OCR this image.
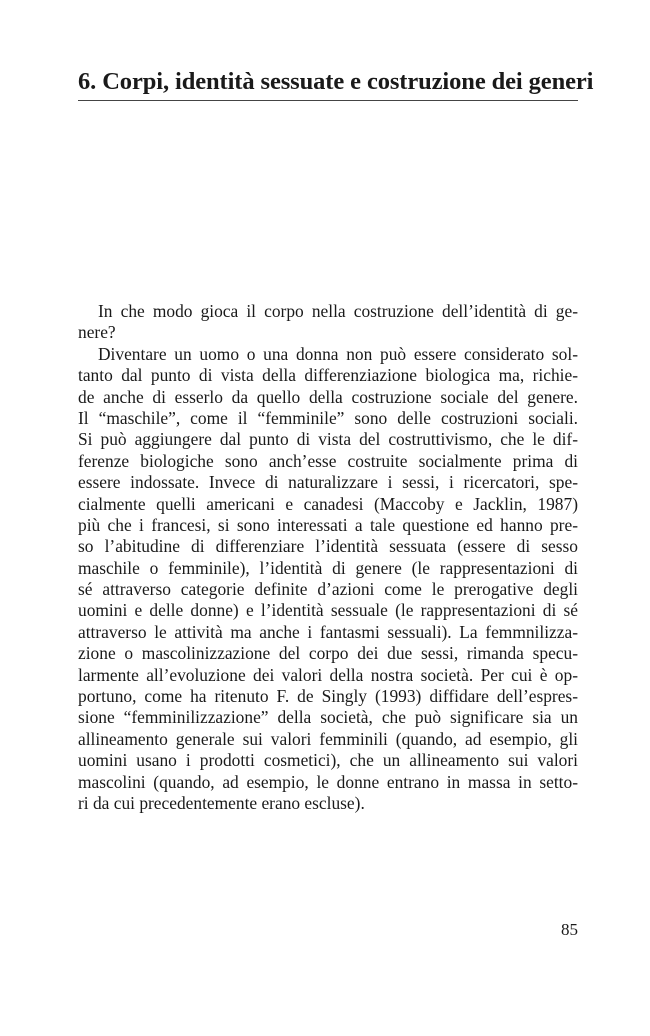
6. Corpi, identità sessuate e costruzione dei generi
In che modo gioca il corpo nella costruzione dell’identità di ge-
nere?
Diventare un uomo o una donna non può essere considerato sol-
tanto dal punto di vista della differenziazione biologica ma, richie-
de anche di esserlo da quello della costruzione sociale del genere.
Il “maschile”, come il “femminile” sono delle costruzioni sociali.
Si può aggiungere dal punto di vista del costruttivismo, che le dif-
ferenze biologiche sono anch’esse costruite socialmente prima di
essere indossate. Invece di naturalizzare i sessi, i ricercatori, spe-
cialmente quelli americani e canadesi (Maccoby e Jacklin, 1987)
più che i francesi, si sono interessati a tale questione ed hanno pre-
so l’abitudine di differenziare l’identità sessuata (essere di sesso
maschile o femminile), l’identità di genere (le rappresentazioni di
sé attraverso categorie definite d’azioni come le prerogative degli
uomini e delle donne) e l’identità sessuale (le rappresentazioni di sé
attraverso le attività ma anche i fantasmi sessuali). La femmnilizza-
zione o mascolinizzazione del corpo dei due sessi, rimanda specu-
larmente all’evoluzione dei valori della nostra società. Per cui è op-
portuno, come ha ritenuto F. de Singly (1993) diffidare dell’espres-
sione “femminilizzazione” della società, che può significare sia un
allineamento generale sui valori femminili (quando, ad esempio, gli
uomini usano i prodotti cosmetici), che un allineamento sui valori
mascolini (quando, ad esempio, le donne entrano in massa in setto-
ri da cui precedentemente erano escluse).
85
